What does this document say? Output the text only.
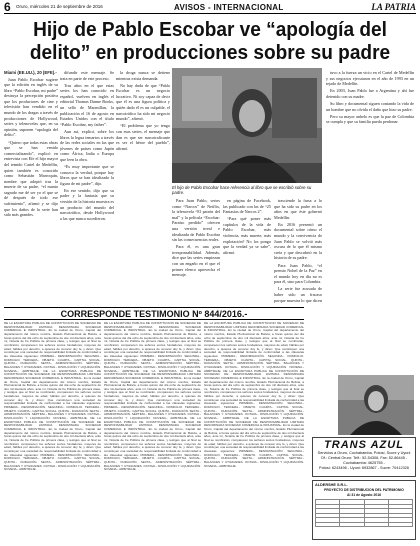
6 Oruro, miércoles 21 de septiembre de 2016	AVISOS - INTERNACIONAL	LA PATRIA
Hijo de Pablo Escobar ve “apología del
delito” en producciones sobre su padre

Miami (EE.UU.), 20 (EFE).-

Juan Pablo Escobar sugiere que la edición en inglés de su libro “Pablo Escobar, mi padre” destruya la percepción positiva que los productores de cine y televisión han vendido en el mundo de los dragas a través de producciones de Hollywood, series y telenovelas que, en su opinión, suponen “apología del delito”.

“Quiero que todas estas obras que se han venido comercializando”, explicó en entrevista con Efe el hijo mayor del temido Cartel de Medellín, quien también es conocido como Sebastián Marroquín, nombre que adoptó tras la muerte de su padre, “el manto sagrado me dé ser yo el que se dé después de todo ese sufrimiento”, afirmó y se dijo que los daños de la serie han sido más grandes.

difundir este mensaje. Se trata en parte de este proceso.

Tras años en el que estas series los han conocido en español, vuelven en inglés el editorial Thomas Dunne Books, un sello de Macmillan, la publicación el 16 de agosto en Estados Unidos con el título “Pablo Escobar, my father”.

Aun así, explicó, sobre los libros la legua temarios a través de las redes sociales en las que jóvenes de países como Japón como África, India o Europa que leen la obra.

“Es muy importante que se conozca la verdad, porque hay libros que se han idealizado la figura de mi padre”, dijo.

En ese sentido, dijo que su padre y la fantasía que su versión de la historia muestra es un producto del mundo del narcotráfico, desde Hollywood a las que nunca sucedieron.

la droga nunca se detiene mientras exista demanda.

No hay duda de que “Pablo Escobar es un negocio lucrativo. Ni soy capaz de decir que él es una figura política y quién dado él es un culpable, el narcotráfico ha sido mi negocio mundo”, afirmó.

“El problema que yo tengo con esas series, el mensaje que dan es que ser narcotraficante es ser el héroe del pueblo”, afirmó.

El hijo de Pablo Escobar hace referencia al libro que se escribió sobre su padre.

Para Juan Pablo, series como “Narcos” de Netflix, la telenovela “El patrón del mal” y la película “Escobar: Paraíso perdido” ofrecen una versión irreal e idealizada de Pablo Escobar sin las consecuencias reales.

Para él, es una gran irresponsabilidad. Además, dice que las series empiezan con un engaño en el que el primer elenco aprovecha el mensaje.

en página de Facebook, las publicado con las de “25 Fantasías de Narcos 2”.

“Para qué poner más capítulos de la vida de Pablo Escobar, más violencia, más muerte, más explotación? No los pongo que la verdad ya se sabe”, afirmó.

trasciende la farsa a lo que ha sido su padre en los años en que éste gobernó Medellín.

En 2016 presentó un documental sobre cómo el mundo y la convivencia de Juan Pablo se volvió más oscura de lo que él mismo creía y que descubrió en la historia de su padre.

Para Juan Pablo, “el premio Nobel de la Paz” en el mundo hoy en día no es para él, sino para Colombia.

La serie fue acusada de haber sido un fracaso porque muestra lo que dicen

tuvo a la fuerza un vicio en el Cartel de Medellín y sus negocios ejecutaron en el año de 1993 en un tejado de Medellín.

En 2003, Juan Pablo fue a Argentina y ahí fue detenido con su madre.

Su libro y documental siguen contando la vida de un hombre que no olvida el daño que hizo su padre.

Pero su mayor anhelo es que la paz de Colombia se cumpla y que su familia pueda perdonar.

CORRESPONDE TESTIMONIO Nº 844/2016.-
DE LA ESCRITURA PUBLICA DE CONSTITUCIÓN DE SOCIEDAD DE RESPONSABILIDAD LIMITADA DENOMINADA SOCIEDAD COMERCIAL E INDUSTRIAL. En la ciudad de Oruro, Capital del departamento del mismo nombre, Estado Plurinacional de Bolivia, a horas quince del día ocho de septiembre de dos mil dieciséis años, ante mí, Notaria de Fe Pública de primera clase, y testigos que al final se nombrarán, comparecen los señores socios fundadores, mayores de edad, hábiles por derecho, a quienes de conocer doy fe, y dicen: Que constituyen una sociedad de responsabilidad limitada de conformidad a las cláusulas siguientes: PRIMERA.- DENOMINACIÓN. SEGUNDA.- DOMICILIO. TERCERA.- OBJETO. CUARTA.- CAPITAL SOCIAL. QUINTA.- DURACIÓN. SEXTA.- ADMINISTRACIÓN. SÉPTIMA.- BALANCES Y UTILIDADES. OCTAVA.- DISOLUCIÓN Y LIQUIDACIÓN. NOVENA.- ARBITRAJE. DE LA ESCRITURA PUBLICA DE CONSTITUCIÓN DE SOCIEDAD DE RESPONSABILIDAD LIMITADA DENOMINADA SOCIEDAD COMERCIAL E INDUSTRIAL. En la ciudad de Oruro, Capital del departamento del mismo nombre, Estado Plurinacional de Bolivia, a horas quince del día ocho de septiembre de dos mil dieciséis años, ante mí, Notaria de Fe Pública de primera clase, y testigos que al final se nombrarán, comparecen los señores socios fundadores, mayores de edad, hábiles por derecho, a quienes de conocer doy fe, y dicen: Que constituyen una sociedad de responsabilidad limitada de conformidad a las cláusulas siguientes: PRIMERA.- DENOMINACIÓN. SEGUNDA.- DOMICILIO. TERCERA.- OBJETO. CUARTA.- CAPITAL SOCIAL. QUINTA.- DURACIÓN. SEXTA.- ADMINISTRACIÓN. SÉPTIMA.- BALANCES Y UTILIDADES. OCTAVA.- DISOLUCIÓN Y LIQUIDACIÓN. NOVENA.- ARBITRAJE. DE LA ESCRITURA PUBLICA DE CONSTITUCIÓN DE SOCIEDAD DE RESPONSABILIDAD LIMITADA DENOMINADA SOCIEDAD COMERCIAL E INDUSTRIAL. En la ciudad de Oruro, Capital del departamento del mismo nombre, Estado Plurinacional de Bolivia, a horas quince del día ocho de septiembre de dos mil dieciséis años, ante mí, Notaria de Fe Pública de primera clase, y testigos que al final se nombrarán, comparecen los señores socios fundadores, mayores de edad, hábiles por derecho, a quienes de conocer doy fe, y dicen: Que constituyen una sociedad de responsabilidad limitada de conformidad a las cláusulas siguientes: PRIMERA.- DENOMINACIÓN. SEGUNDA.- DOMICILIO. TERCERA.- OBJETO. CUARTA.- CAPITAL SOCIAL. QUINTA.- DURACIÓN. SEXTA.- ADMINISTRACIÓN. SÉPTIMA.- BALANCES Y UTILIDADES. OCTAVA.- DISOLUCIÓN Y LIQUIDACIÓN. NOVENA.- ARBITRAJE.
DE LA ESCRITURA PUBLICA DE CONSTITUCIÓN DE SOCIEDAD DE RESPONSABILIDAD LIMITADA DENOMINADA SOCIEDAD COMERCIAL E INDUSTRIAL. En la ciudad de Oruro, Capital del departamento del mismo nombre, Estado Plurinacional de Bolivia, a horas quince del día ocho de septiembre de dos mil dieciséis años, ante mí, Notaria de Fe Pública de primera clase, y testigos que al final se nombrarán, comparecen los señores socios fundadores, mayores de edad, hábiles por derecho, a quienes de conocer doy fe, y dicen: Que constituyen una sociedad de responsabilidad limitada de conformidad a las cláusulas siguientes: PRIMERA.- DENOMINACIÓN. SEGUNDA.- DOMICILIO. TERCERA.- OBJETO. CUARTA.- CAPITAL SOCIAL. QUINTA.- DURACIÓN. SEXTA.- ADMINISTRACIÓN. SÉPTIMA.- BALANCES Y UTILIDADES. OCTAVA.- DISOLUCIÓN Y LIQUIDACIÓN. NOVENA.- ARBITRAJE. DE LA ESCRITURA PUBLICA DE CONSTITUCIÓN DE SOCIEDAD DE RESPONSABILIDAD LIMITADA DENOMINADA SOCIEDAD COMERCIAL E INDUSTRIAL. En la ciudad de Oruro, Capital del departamento del mismo nombre, Estado Plurinacional de Bolivia, a horas quince del día ocho de septiembre de dos mil dieciséis años, ante mí, Notaria de Fe Pública de primera clase, y testigos que al final se nombrarán, comparecen los señores socios fundadores, mayores de edad, hábiles por derecho, a quienes de conocer doy fe, y dicen: Que constituyen una sociedad de responsabilidad limitada de conformidad a las cláusulas siguientes: PRIMERA.- DENOMINACIÓN. SEGUNDA.- DOMICILIO. TERCERA.- OBJETO. CUARTA.- CAPITAL SOCIAL. QUINTA.- DURACIÓN. SEXTA.- ADMINISTRACIÓN. SÉPTIMA.- BALANCES Y UTILIDADES. OCTAVA.- DISOLUCIÓN Y LIQUIDACIÓN. NOVENA.- ARBITRAJE. DE LA ESCRITURA PUBLICA DE CONSTITUCIÓN DE SOCIEDAD DE RESPONSABILIDAD LIMITADA DENOMINADA SOCIEDAD COMERCIAL E INDUSTRIAL. En la ciudad de Oruro, Capital del departamento del mismo nombre, Estado Plurinacional de Bolivia, a horas quince del día ocho de septiembre de dos mil dieciséis años, ante mí, Notaria de Fe Pública de primera clase, y testigos que al final se nombrarán, comparecen los señores socios fundadores, mayores de edad, hábiles por derecho, a quienes de conocer doy fe, y dicen: Que constituyen una sociedad de responsabilidad limitada de conformidad a las cláusulas siguientes: PRIMERA.- DENOMINACIÓN. SEGUNDA.- DOMICILIO. TERCERA.- OBJETO. CUARTA.- CAPITAL SOCIAL. QUINTA.- DURACIÓN. SEXTA.- ADMINISTRACIÓN. SÉPTIMA.- BALANCES Y UTILIDADES. OCTAVA.- DISOLUCIÓN Y LIQUIDACIÓN. NOVENA.- ARBITRAJE.
DE LA ESCRITURA PUBLICA DE CONSTITUCIÓN DE SOCIEDAD DE RESPONSABILIDAD LIMITADA DENOMINADA SOCIEDAD COMERCIAL E INDUSTRIAL. En la ciudad de Oruro, Capital del departamento del mismo nombre, Estado Plurinacional de Bolivia, a horas quince del día ocho de septiembre de dos mil dieciséis años, ante mí, Notaria de Fe Pública de primera clase, y testigos que al final se nombrarán, comparecen los señores socios fundadores, mayores de edad, hábiles por derecho, a quienes de conocer doy fe, y dicen: Que constituyen una sociedad de responsabilidad limitada de conformidad a las cláusulas siguientes: PRIMERA.- DENOMINACIÓN. SEGUNDA.- DOMICILIO. TERCERA.- OBJETO. CUARTA.- CAPITAL SOCIAL. QUINTA.- DURACIÓN. SEXTA.- ADMINISTRACIÓN. SÉPTIMA.- BALANCES Y UTILIDADES. OCTAVA.- DISOLUCIÓN Y LIQUIDACIÓN. NOVENA.- ARBITRAJE. DE LA ESCRITURA PUBLICA DE CONSTITUCIÓN DE SOCIEDAD DE RESPONSABILIDAD LIMITADA DENOMINADA SOCIEDAD COMERCIAL E INDUSTRIAL. En la ciudad de Oruro, Capital del departamento del mismo nombre, Estado Plurinacional de Bolivia, a horas quince del día ocho de septiembre de dos mil dieciséis años, ante mí, Notaria de Fe Pública de primera clase, y testigos que al final se nombrarán, comparecen los señores socios fundadores, mayores de edad, hábiles por derecho, a quienes de conocer doy fe, y dicen: Que constituyen una sociedad de responsabilidad limitada de conformidad a las cláusulas siguientes: PRIMERA.- DENOMINACIÓN. SEGUNDA.- DOMICILIO. TERCERA.- OBJETO. CUARTA.- CAPITAL SOCIAL. QUINTA.- DURACIÓN. SEXTA.- ADMINISTRACIÓN. SÉPTIMA.- BALANCES Y UTILIDADES. OCTAVA.- DISOLUCIÓN Y LIQUIDACIÓN. NOVENA.- ARBITRAJE. DE LA ESCRITURA PUBLICA DE CONSTITUCIÓN DE SOCIEDAD DE RESPONSABILIDAD LIMITADA DENOMINADA SOCIEDAD COMERCIAL E INDUSTRIAL. En la ciudad de Oruro, Capital del departamento del mismo nombre, Estado Plurinacional de Bolivia, a horas quince del día ocho de septiembre de dos mil dieciséis años, ante mí, Notaria de Fe Pública de primera clase, y testigos que al final se nombrarán, comparecen los señores socios fundadores, mayores de edad, hábiles por derecho, a quienes de conocer doy fe, y dicen: Que constituyen una sociedad de responsabilidad limitada de conformidad a las cláusulas siguientes: PRIMERA.- DENOMINACIÓN. SEGUNDA.- DOMICILIO. TERCERA.- OBJETO. CUARTA.- CAPITAL SOCIAL. QUINTA.- DURACIÓN. SEXTA.- ADMINISTRACIÓN. SÉPTIMA.- BALANCES Y UTILIDADES. OCTAVA.- DISOLUCIÓN Y LIQUIDACIÓN. NOVENA.- ARBITRAJE.
TRANS AZUL
Servicios a Oruro, Cochabamba, Potosí, Sucre y Uyuni
Of.: Central Oruro: Telf.: 52-54306, Fax: 52-86445 -
Cochabamba: 4625755 -
Potosí: 6243496 - Uyuni: 6932867 - Sucre: 70412326
ALDERSHE S.R.L.
PROYECTO DE DISTRIBUCION DEL PATRIMONIO
Al 31 de Agosto 2016
